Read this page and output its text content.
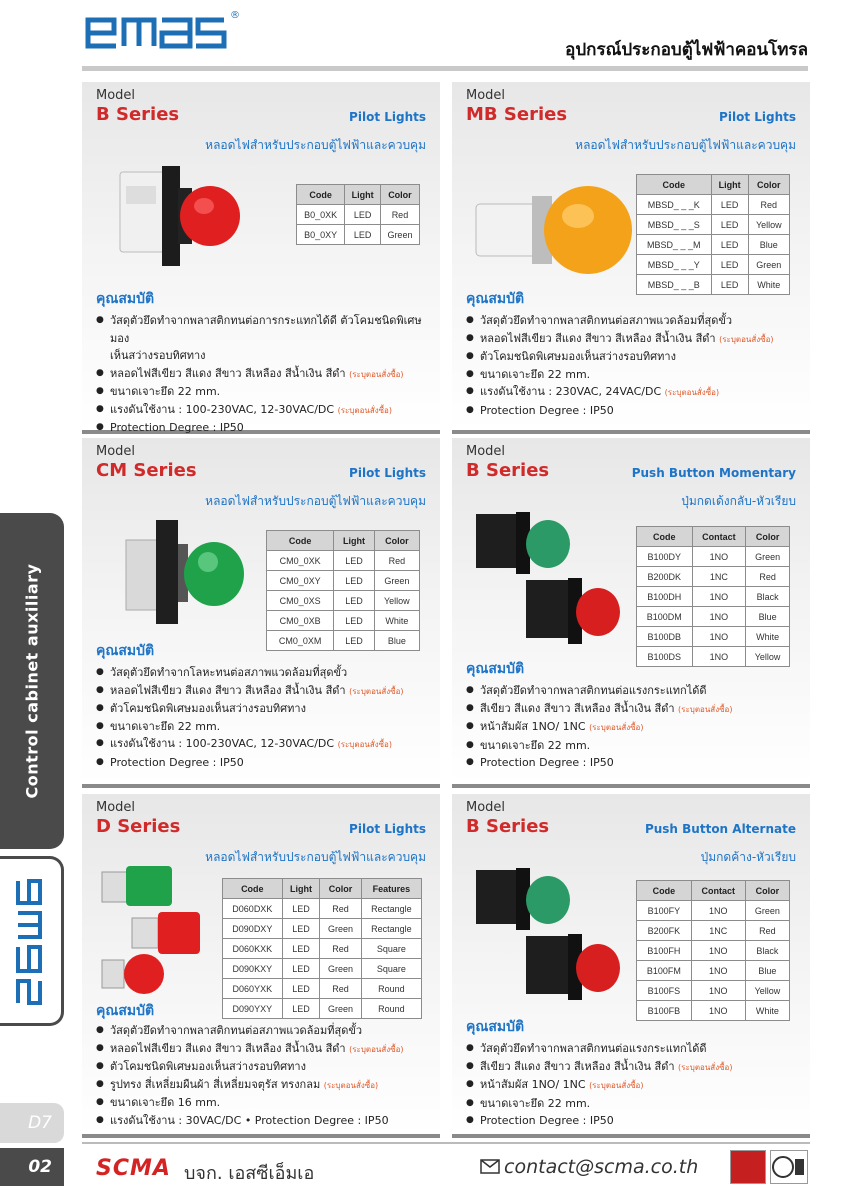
®
อุปกรณ์ประกอบตู้ไฟฟ้าคอนโทรล
Control cabinet auxiliary
D7
02
Model
B Series	Pilot Lights
หลอดไฟสำหรับประกอบตู้ไฟฟ้าและควบคุม
Code	Light	Color
B0_0XK	LED	Red
B0_0XY	LED	Green
คุณสมบัติ
● วัสดุตัวยึดทำจากพลาสติกทนต่อการกระแทกได้ดี ตัวโคมชนิดพิเศษมอง
เห็นสว่างรอบทิศทาง
● หลอดไฟสีเขียว สีแดง สีขาว สีเหลือง สีน้ำเงิน สีดำ (ระบุตอนสั่งซื้อ)
● ขนาดเจาะยึด 22 mm.
● แรงดันใช้งาน : 100-230VAC, 12-30VAC/DC (ระบุตอนสั่งซื้อ)
● Protection Degree : IP50
Model
MB Series	Pilot Lights
หลอดไฟสำหรับประกอบตู้ไฟฟ้าและควบคุม
Code	Light	Color
MBSD_ _ _K	LED	Red
MBSD_ _ _S	LED	Yellow
MBSD_ _ _M	LED	Blue
MBSD_ _ _Y	LED	Green
MBSD_ _ _B	LED	White
คุณสมบัติ
● วัสดุตัวยึดทำจากพลาสติกทนต่อสภาพแวดล้อมที่สุดขั้ว
● หลอดไฟสีเขียว สีแดง สีขาว สีเหลือง สีน้ำเงิน สีดำ (ระบุตอนสั่งซื้อ)
● ตัวโคมชนิดพิเศษมองเห็นสว่างรอบทิศทาง
● ขนาดเจาะยึด 22 mm.
● แรงดันใช้งาน : 230VAC, 24VAC/DC (ระบุตอนสั่งซื้อ)
● Protection Degree : IP50
Model
CM Series	Pilot Lights
หลอดไฟสำหรับประกอบตู้ไฟฟ้าและควบคุม
Code	Light	Color
CM0_0XK	LED	Red
CM0_0XY	LED	Green
CM0_0XS	LED	Yellow
CM0_0XB	LED	White
CM0_0XM	LED	Blue
คุณสมบัติ
● วัสดุตัวยึดทำจากโลหะทนต่อสภาพแวดล้อมที่สุดขั้ว
● หลอดไฟสีเขียว สีแดง สีขาว สีเหลือง สีน้ำเงิน สีดำ (ระบุตอนสั่งซื้อ)
● ตัวโคมชนิดพิเศษมองเห็นสว่างรอบทิศทาง
● ขนาดเจาะยึด 22 mm.
● แรงดันใช้งาน : 100-230VAC, 12-30VAC/DC (ระบุตอนสั่งซื้อ)
● Protection Degree : IP50
Model
B Series	Push Button Momentary
ปุ่มกดเด้งกลับ-หัวเรียบ
Code	Contact	Color
B100DY	1NO	Green
B200DK	1NC	Red
B100DH	1NO	Black
B100DM	1NO	Blue
B100DB	1NO	White
B100DS	1NO	Yellow
คุณสมบัติ
● วัสดุตัวยึดทำจากพลาสติกทนต่อแรงกระแทกได้ดี
● สีเขียว สีแดง สีขาว สีเหลือง สีน้ำเงิน สีดำ (ระบุตอนสั่งซื้อ)
● หน้าสัมผัส 1NO/ 1NC (ระบุตอนสั่งซื้อ)
● ขนาดเจาะยึด 22 mm.
● Protection Degree : IP50
Model
D Series	Pilot Lights
หลอดไฟสำหรับประกอบตู้ไฟฟ้าและควบคุม
Code	Light	Color	Features
D060DXK	LED	Red	Rectangle
D090DXY	LED	Green	Rectangle
D060KXK	LED	Red	Square
D090KXY	LED	Green	Square
D060YXK	LED	Red	Round
D090YXY	LED	Green	Round
คุณสมบัติ
● วัสดุตัวยึดทำจากพลาสติกทนต่อสภาพแวดล้อมที่สุดขั้ว
● หลอดไฟสีเขียว สีแดง สีขาว สีเหลือง สีน้ำเงิน สีดำ (ระบุตอนสั่งซื้อ)
● ตัวโคมชนิดพิเศษมองเห็นสว่างรอบทิศทาง
● รูปทรง สี่เหลี่ยมผืนผ้า สี่เหลี่ยมจตุรัส ทรงกลม (ระบุตอนสั่งซื้อ)
● ขนาดเจาะยึด 16 mm.
● แรงดันใช้งาน : 30VAC/DC • Protection Degree : IP50
Model
B Series	Push Button Alternate
ปุ่มกดค้าง-หัวเรียบ
Code	Contact	Color
B100FY	1NO	Green
B200FK	1NC	Red
B100FH	1NO	Black
B100FM	1NO	Blue
B100FS	1NO	Yellow
B100FB	1NO	White
คุณสมบัติ
● วัสดุตัวยึดทำจากพลาสติกทนต่อแรงกระแทกได้ดี
● สีเขียว สีแดง สีขาว สีเหลือง สีน้ำเงิน สีดำ (ระบุตอนสั่งซื้อ)
● หน้าสัมผัส 1NO/ 1NC (ระบุตอนสั่งซื้อ)
● ขนาดเจาะยึด 22 mm.
● Protection Degree : IP50
SCMA บจก. เอสซีเอ็มเอ	contact@scma.co.th
